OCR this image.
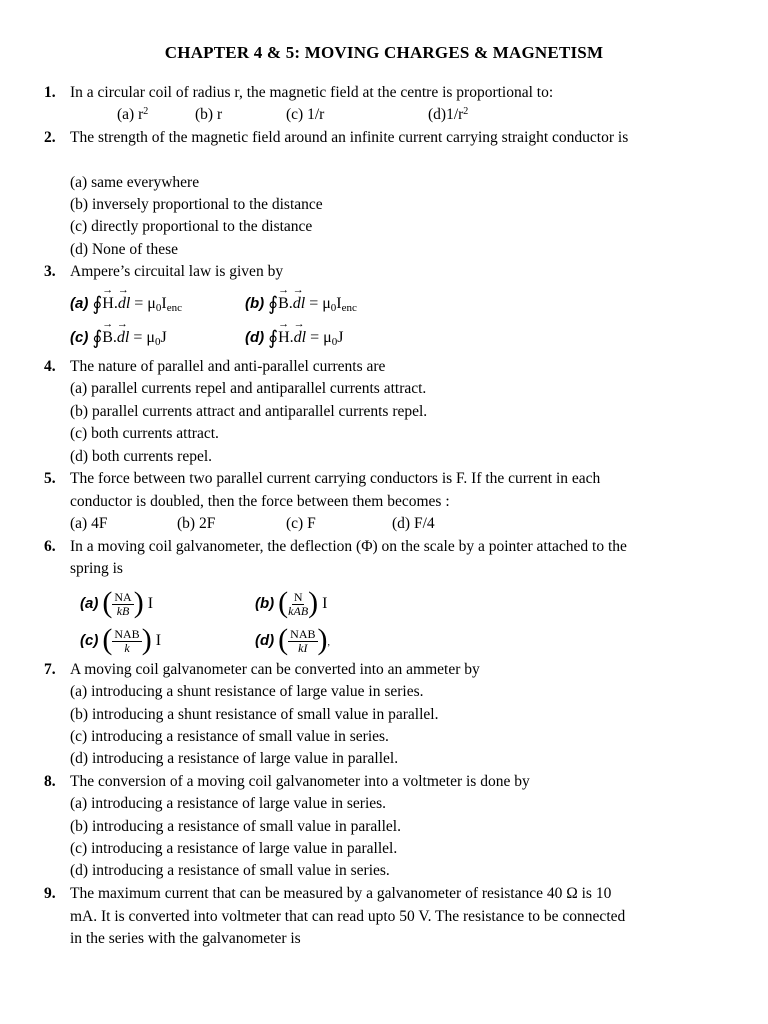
CHAPTER 4 & 5: MOVING CHARGES & MAGNETISM
1. In a circular coil of radius r, the magnetic field at the centre is proportional to:
(a) $r^2$	(b) r	(c) 1/r	$(d)1/r^2$
2. The strength of the magnetic field around an infinite current carrying straight conductor is
(a) same everywhere
(b) inversely proportional to the distance
(c) directly proportional to the distance
(d) None of these
3. Ampere’s circuital law is given by
(a) ∮→ H.→ dl = $\mu_0I_{enc}$	(b) ∮→ B.→ dl = $\mu_0I_{enc}$
(c) ∮→ B.→ dl = $\mu_0J$	(d) ∮→ H.→ dl = $\mu_0J$
4. The nature of parallel and anti-parallel currents are
(a) parallel currents repel and antiparallel currents attract.
(b) parallel currents attract and antiparallel currents repel.
(c) both currents attract.
(d) both currents repel.
5. The force between two parallel current carrying conductors is F. If the current in each
conductor is doubled, then the force between them becomes :
(a) 4F	(b) 2F	(c) F	(d) F/4
6. In a moving coil galvanometer, the deflection (Φ) on the scale by a pointer attached to the
spring is
(a) ( $\frac{NA}{kB}$ ) I	(b) ( $\frac{N}{\text{kAB}}$ ) I
(c) ( $\frac{\text{NAB}}{k}$ ) I	(d) ( $\frac{\text{NAB}}{kI}$ ),
7. A moving coil galvanometer can be converted into an ammeter by
(a) introducing a shunt resistance of large value in series.
(b) introducing a shunt resistance of small value in parallel.
(c) introducing a resistance of small value in series.
(d) introducing a resistance of large value in parallel.
8. The conversion of a moving coil galvanometer into a voltmeter is done by
(a) introducing a resistance of large value in series.
(b) introducing a resistance of small value in parallel.
(c) introducing a resistance of large value in parallel.
(d) introducing a resistance of small value in series.
9. The maximum current that can be measured by a galvanometer of resistance 40 Ω is 10
mA. It is converted into voltmeter that can read upto 50 V. The resistance to be connected
in the series with the galvanometer is
